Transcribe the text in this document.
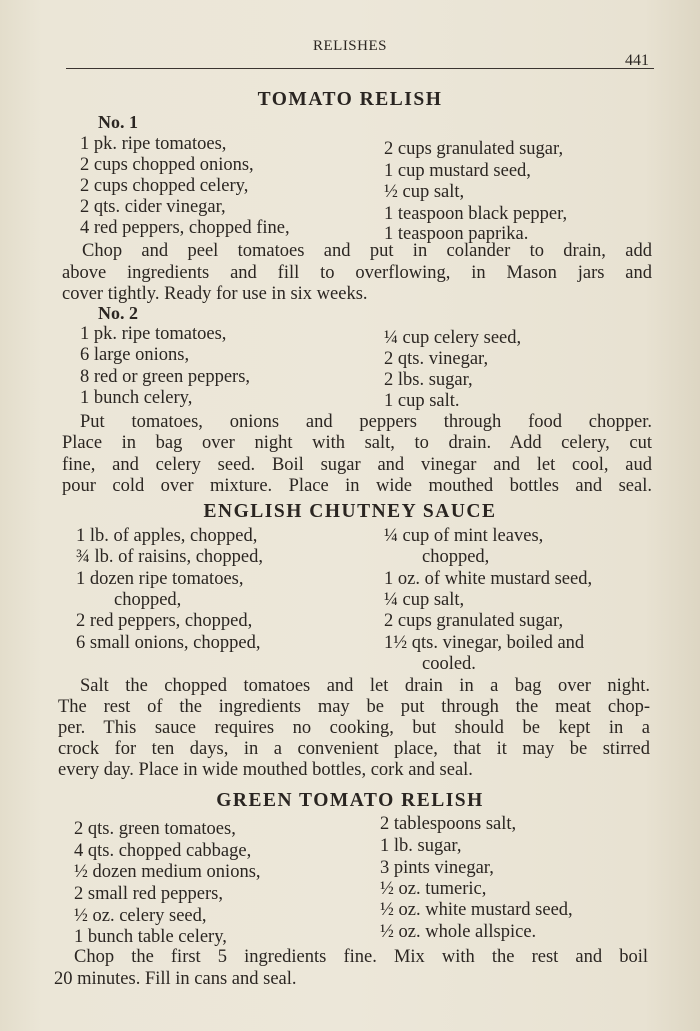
RELISHES
441
TOMATO RELISH
No. 1
1 pk. ripe tomatoes,
2 cups chopped onions,
2 cups chopped celery,
2 qts. cider vinegar,
4 red peppers, chopped fine,
2 cups granulated sugar,
1 cup mustard seed,
½ cup salt,
1 teaspoon black pepper,
1 teaspoon paprika.
Chop and peel tomatoes and put in colander to drain, add
above ingredients and fill to overflowing, in Mason jars and
cover tightly. Ready for use in six weeks.
No. 2
1 pk. ripe tomatoes,
6 large onions,
8 red or green peppers,
1 bunch celery,
¼ cup celery seed,
2 qts. vinegar,
2 lbs. sugar,
1 cup salt.
Put tomatoes, onions and peppers through food chopper.
Place in bag over night with salt, to drain. Add celery, cut
fine, and celery seed. Boil sugar and vinegar and let cool, aud
pour cold over mixture. Place in wide mouthed bottles and seal.
ENGLISH CHUTNEY SAUCE
1 lb. of apples, chopped,
¾ lb. of raisins, chopped,
1 dozen ripe tomatoes,
chopped,
2 red peppers, chopped,
6 small onions, chopped,
¼ cup of mint leaves,
chopped,
1 oz. of white mustard seed,
¼ cup salt,
2 cups granulated sugar,
1½ qts. vinegar, boiled and
cooled.
Salt the chopped tomatoes and let drain in a bag over night.
The rest of the ingredients may be put through the meat chop-
per. This sauce requires no cooking, but should be kept in a
crock for ten days, in a convenient place, that it may be stirred
every day. Place in wide mouthed bottles, cork and seal.
GREEN TOMATO RELISH
2 qts. green tomatoes,
4 qts. chopped cabbage,
½ dozen medium onions,
2 small red peppers,
½ oz. celery seed,
1 bunch table celery,
2 tablespoons salt,
1 lb. sugar,
3 pints vinegar,
½ oz. tumeric,
½ oz. white mustard seed,
½ oz. whole allspice.
Chop the first 5 ingredients fine. Mix with the rest and boil
20 minutes. Fill in cans and seal.
